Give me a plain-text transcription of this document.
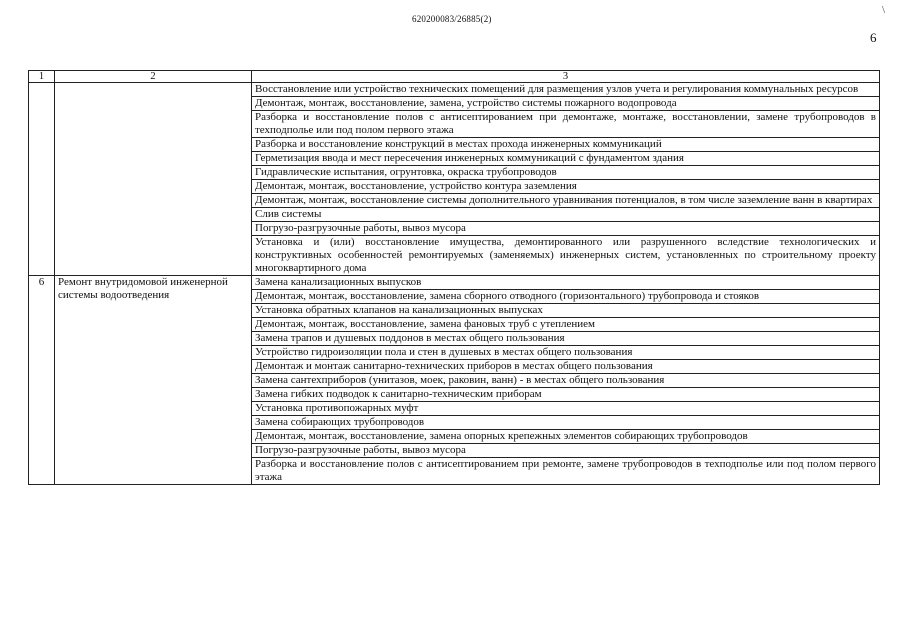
620200083/26885(2)
6
\
1	2	3
		Восстановление или устройство технических помещений для размещения узлов учета и регулирования коммунальных ресурсов
		Демонтаж, монтаж, восстановление, замена, устройство системы пожарного водопровода
		Разборка и восстановление полов с антисептированием при демонтаже, монтаже, восстановлении, замене трубопроводов в техподполье или под полом первого этажа
		Разборка и восстановление конструкций в местах прохода инженерных коммуникаций
		Герметизация ввода и мест пересечения инженерных коммуникаций с фундаментом здания
		Гидравлические испытания, огрунтовка, окраска трубопроводов
		Демонтаж, монтаж, восстановление, устройство контура заземления
		Демонтаж, монтаж, восстановление системы дополнительного уравнивания потенциалов, в том числе заземление ванн в квартирах
		Слив системы
		Погрузо-разгрузочные работы, вывоз мусора
		Установка и (или) восстановление имущества, демонтированного или разрушенного вследствие технологических и конструктивных особенностей ремонтируемых (заменяемых) инженерных систем, установленных по строительному проекту многоквартирного дома
6	Ремонт внутридомовой инженерной системы водоотведения	Замена канализационных выпусков
		Демонтаж, монтаж, восстановление, замена сборного отводного (горизонтального) трубопровода и стояков
		Установка обратных клапанов на канализационных выпусках
		Демонтаж, монтаж, восстановление, замена фановых труб с утеплением
		Замена трапов и душевых поддонов в местах общего пользования
		Устройство гидроизоляции пола и стен в душевых в местах общего пользования
		Демонтаж и монтаж санитарно-технических приборов в местах общего пользования
		Замена сантехприборов (унитазов, моек, раковин, ванн) - в местах общего пользования
		Замена гибких подводок к санитарно-техническим приборам
		Установка противопожарных муфт
		Замена собирающих трубопроводов
		Демонтаж, монтаж, восстановление, замена опорных крепежных элементов собирающих трубопроводов
		Погрузо-разгрузочные работы, вывоз мусора
		Разборка и восстановление полов с антисептированием при ремонте, замене трубопроводов в техподполье или под полом первого этажа
